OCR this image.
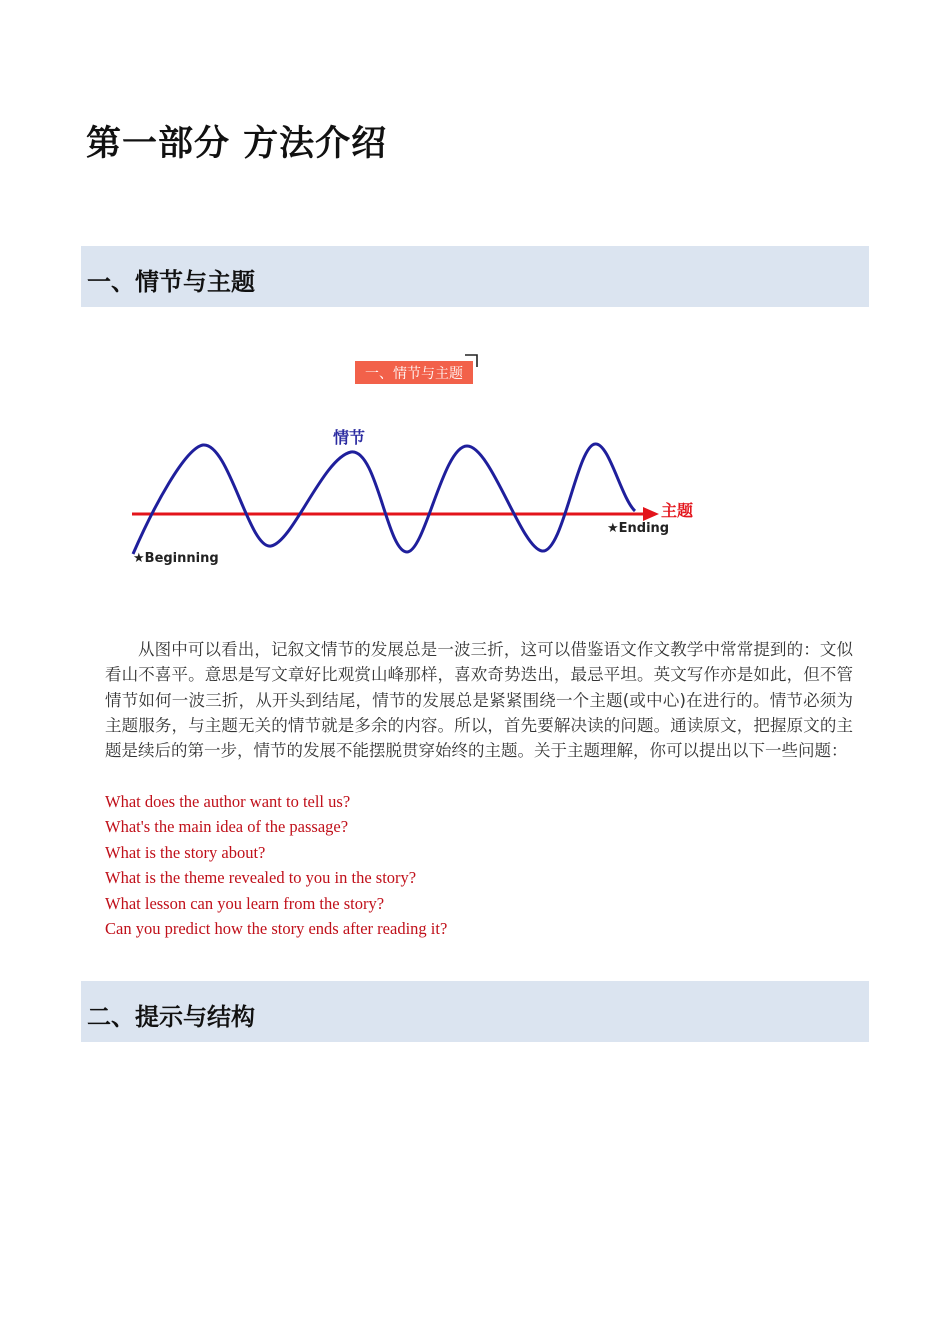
第一部分 方法介绍
一、情节与主题
一、情节与主题
主题
情节
★Beginning
★Ending

从图中可以看出，记叙文情节的发展总是一波三折，这可以借鉴语文作文教学中常常提到的：文似看山不喜平。意思是写文章好比观赏山峰那样，喜欢奇势迭出，最忌平坦。英文写作亦是如此，但不管情节如何一波三折，从开头到结尾，情节的发展总是紧紧围绕一个主题(或中心)在进行的。情节必须为主题服务，与主题无关的情节就是多余的内容。所以，首先要解决读的问题。通读原文，把握原文的主题是续后的第一步，情节的发展不能摆脱贯穿始终的主题。关于主题理解，你可以提出以下一些问题：

What does the author want to tell us?
What's the main idea of the passage?
What is the story about?
What is the theme revealed to you in the story?
What lesson can you learn from the story?
Can you predict how the story ends after reading it?
二、提示与结构
